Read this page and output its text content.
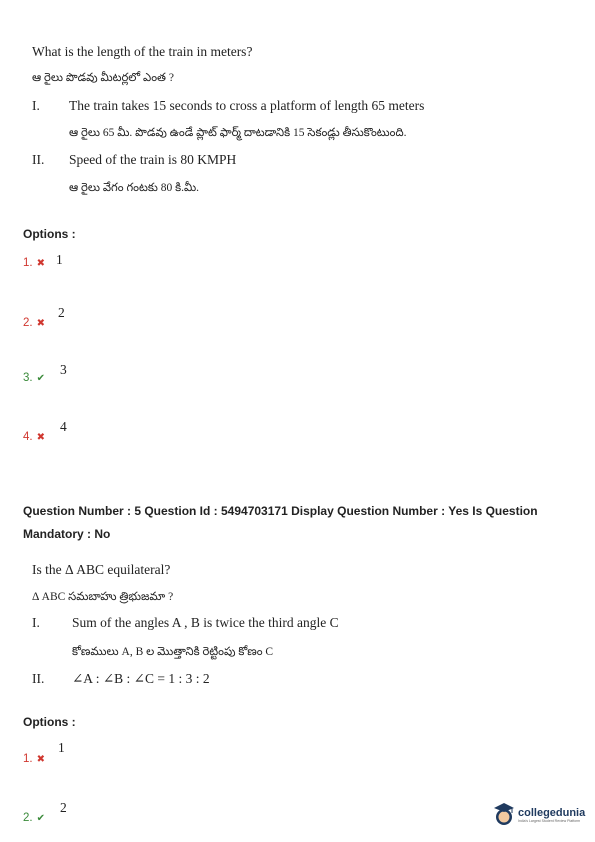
What is the length of the train in meters?
ఆ రైలు పొడవు మీటర్లలో ఎంత ?
I. The train takes 15 seconds to cross a platform of length 65 meters
ఆ రైలు 65 మీ. పొడవు ఉండే ప్లాట్ ఫార్మ్ దాటడానికి 15 సెకండ్లు తీసుకొంటుంది.
II. Speed of the train is 80 KMPH
ఆ రైలు వేగం గంటకు 80 కి.మీ.
Options :
1. ✖ 1
2. ✖
2
3. ✔
3
4. ✖
4
Question Number : 5 Question Id : 5494703171 Display Question Number : Yes Is Question
Mandatory : No
Is the Δ ABC equilateral?
Δ ABC సమబాహు త్రిభుజమా ?
I. Sum of the angles A , B is twice the third angle C
కోణములు A, B ల మొత్తానికి రెట్టింపు కోణం C
II. ∠A : ∠B : ∠C = 1 : 3 : 2
Options :
1. ✖
1
2. ✔
2	collegedunia
India's Largest Student Review Platform
